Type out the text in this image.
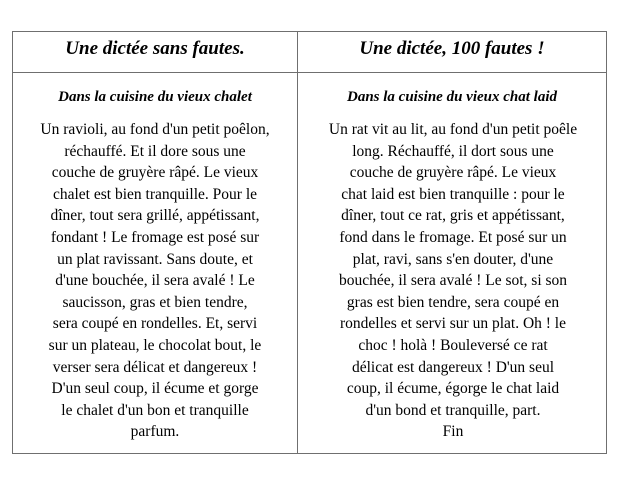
Une dictée sans fautes.
Dans la cuisine du vieux chalet

Un ravioli, au fond d'un petit poêlon,
réchauffé. Et il dore sous une
couche de gruyère râpé. Le vieux
chalet est bien tranquille. Pour le
dîner, tout sera grillé, appétissant,
fondant ! Le fromage est posé sur
un plat ravissant. Sans doute, et
d'une bouchée, il sera avalé ! Le
saucisson, gras et bien tendre,
sera coupé en rondelles. Et, servi
sur un plateau, le chocolat bout, le
verser sera délicat et dangereux !
D'un seul coup, il écume et gorge
le chalet d'un bon et tranquille
parfum.

Une dictée, 100 fautes !
Dans la cuisine du vieux chat laid

Un rat vit au lit, au fond d'un petit poêle
long. Réchauffé, il dort sous une
couche de gruyère râpé. Le vieux
chat laid est bien tranquille : pour le
dîner, tout ce rat, gris et appétissant,
fond dans le fromage. Et posé sur un
plat, ravi, sans s'en douter, d'une
bouchée, il sera avalé ! Le sot, si son
gras est bien tendre, sera coupé en
rondelles et servi sur un plat. Oh ! le
choc ! holà ! Bouleversé ce rat
délicat est dangereux ! D'un seul
coup, il écume, égorge le chat laid
d'un bond et tranquille, part.
Fin
